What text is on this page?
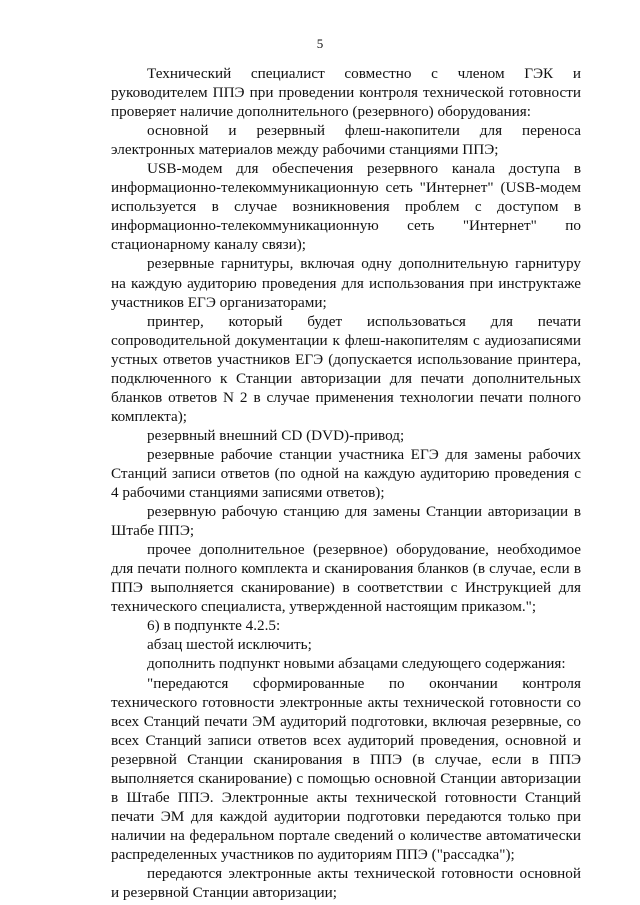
5

Технический специалист совместно с членом ГЭК и руководителем ППЭ при проведении контроля технической готовности проверяет наличие дополнительного (резервного) оборудования:

основной и резервный флеш-накопители для переноса электронных материалов между рабочими станциями ППЭ;

USB-модем для обеспечения резервного канала доступа в информационно-телекоммуникационную сеть "Интернет" (USB-модем используется в случае возникновения проблем с доступом в информационно-телекоммуникационную сеть "Интернет" по стационарному каналу связи);

резервные гарнитуры, включая одну дополнительную гарнитуру на каждую аудиторию проведения для использования при инструктаже участников ЕГЭ организаторами;

принтер, который будет использоваться для печати сопроводительной документации к флеш-накопителям с аудиозаписями устных ответов участников ЕГЭ (допускается использование принтера, подключенного к Станции авторизации для печати дополнительных бланков ответов N 2 в случае применения технологии печати полного комплекта);

резервный внешний CD (DVD)-привод;

резервные рабочие станции участника ЕГЭ для замены рабочих Станций записи ответов (по одной на каждую аудиторию проведения с 4 рабочими станциями записями ответов);

резервную рабочую станцию для замены Станции авторизации в Штабе ППЭ;

прочее дополнительное (резервное) оборудование, необходимое для печати полного комплекта и сканирования бланков (в случае, если в ППЭ выполняется сканирование) в соответствии с Инструкцией для технического специалиста, утвержденной настоящим приказом.";

6) в подпункте 4.2.5:

абзац шестой исключить;

дополнить подпункт новыми абзацами следующего содержания:

"передаются сформированные по окончании контроля технического готовности электронные акты технической готовности со всех Станций печати ЭМ аудиторий подготовки, включая резервные, со всех Станций записи ответов всех аудиторий проведения, основной и резервной Станции сканирования в ППЭ (в случае, если в ППЭ выполняется сканирование) с помощью основной Станции авторизации в Штабе ППЭ. Электронные акты технической готовности Станций печати ЭМ для каждой аудитории подготовки передаются только при наличии на федеральном портале сведений о количестве автоматически распределенных участников по аудиториям ППЭ ("рассадка");

передаются электронные акты технической готовности основной и резервной Станции авторизации;
